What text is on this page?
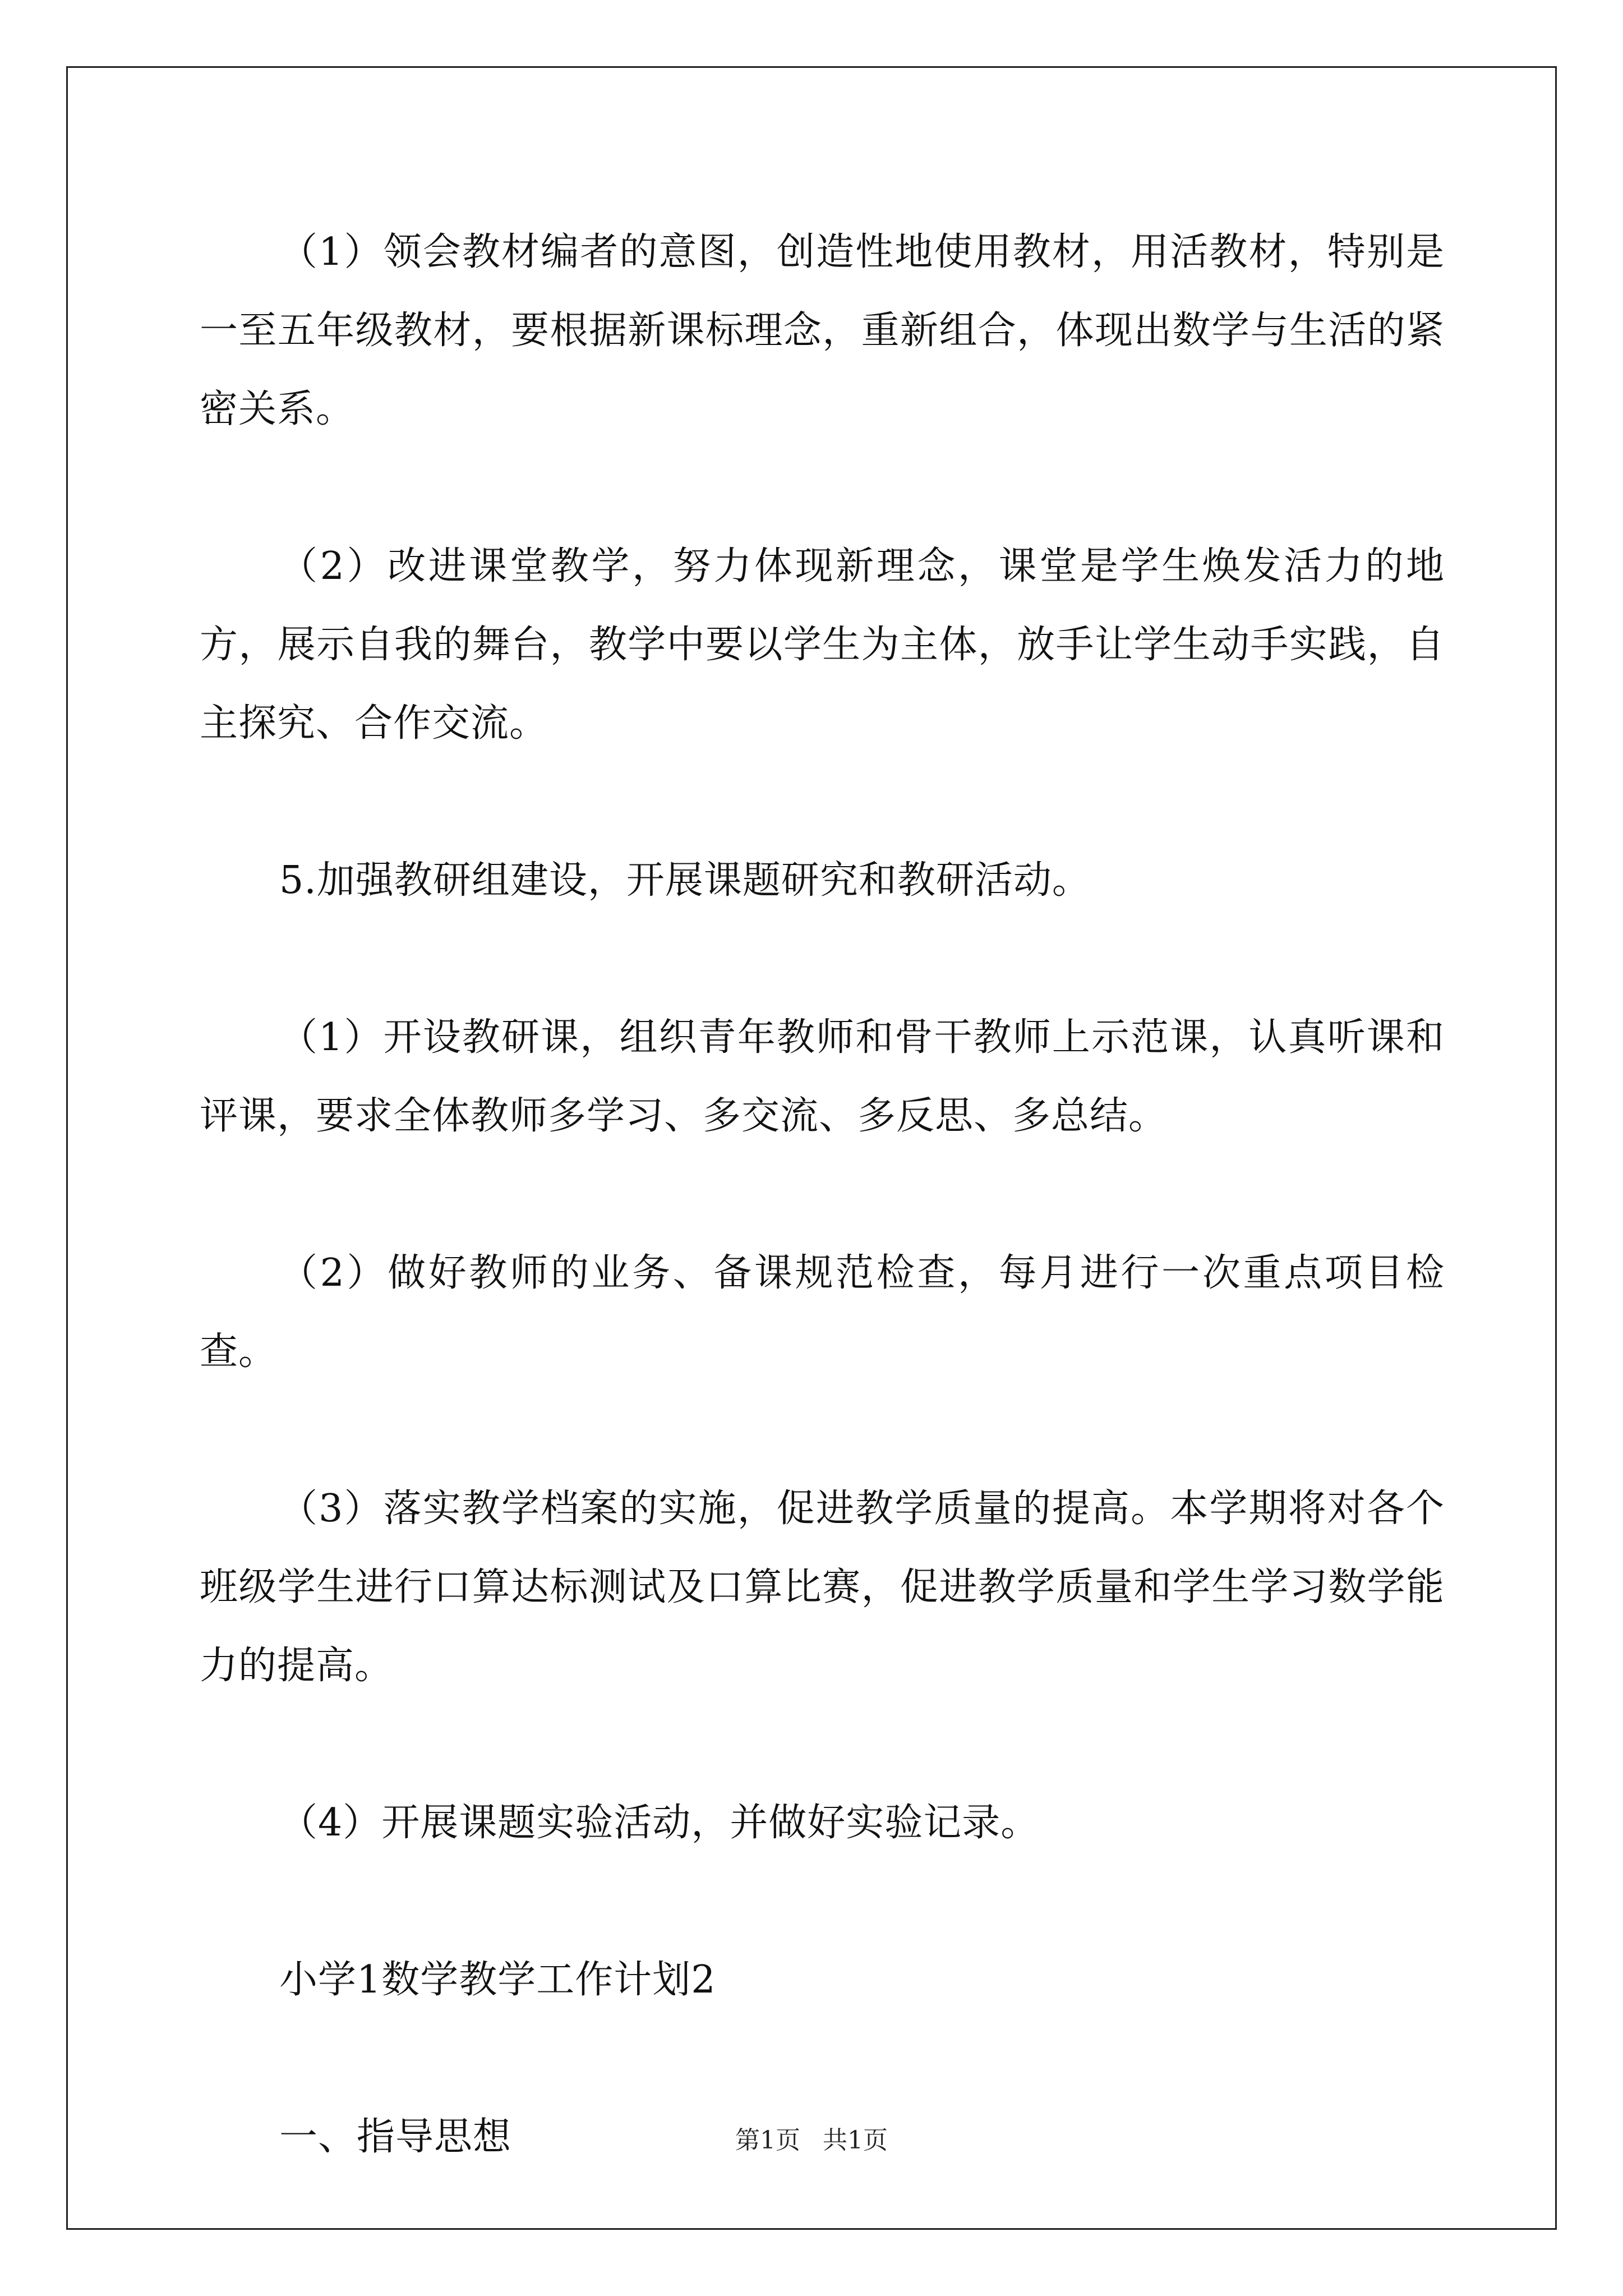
（1）领会教材编者的意图，创造性地使用教材，用活教材，特别是一至五年级教材，要根据新课标理念，重新组合，体现出数学与生活的紧密关系。

（2）改进课堂教学，努力体现新理念，课堂是学生焕发活力的地方，展示自我的舞台，教学中要以学生为主体，放手让学生动手实践，自主探究、合作交流。

5.加强教研组建设，开展课题研究和教研活动。

（1）开设教研课，组织青年教师和骨干教师上示范课，认真听课和评课，要求全体教师多学习、多交流、多反思、多总结。

（2）做好教师的业务、备课规范检查，每月进行一次重点项目检查。

（3）落实教学档案的实施，促进教学质量的提高。本学期将对各个班级学生进行口算达标测试及口算比赛，促进教学质量和学生学习数学能力的提高。

（4）开展课题实验活动，并做好实验记录。

小学1数学教学工作计划2

一、指导思想	第1页 共1页
